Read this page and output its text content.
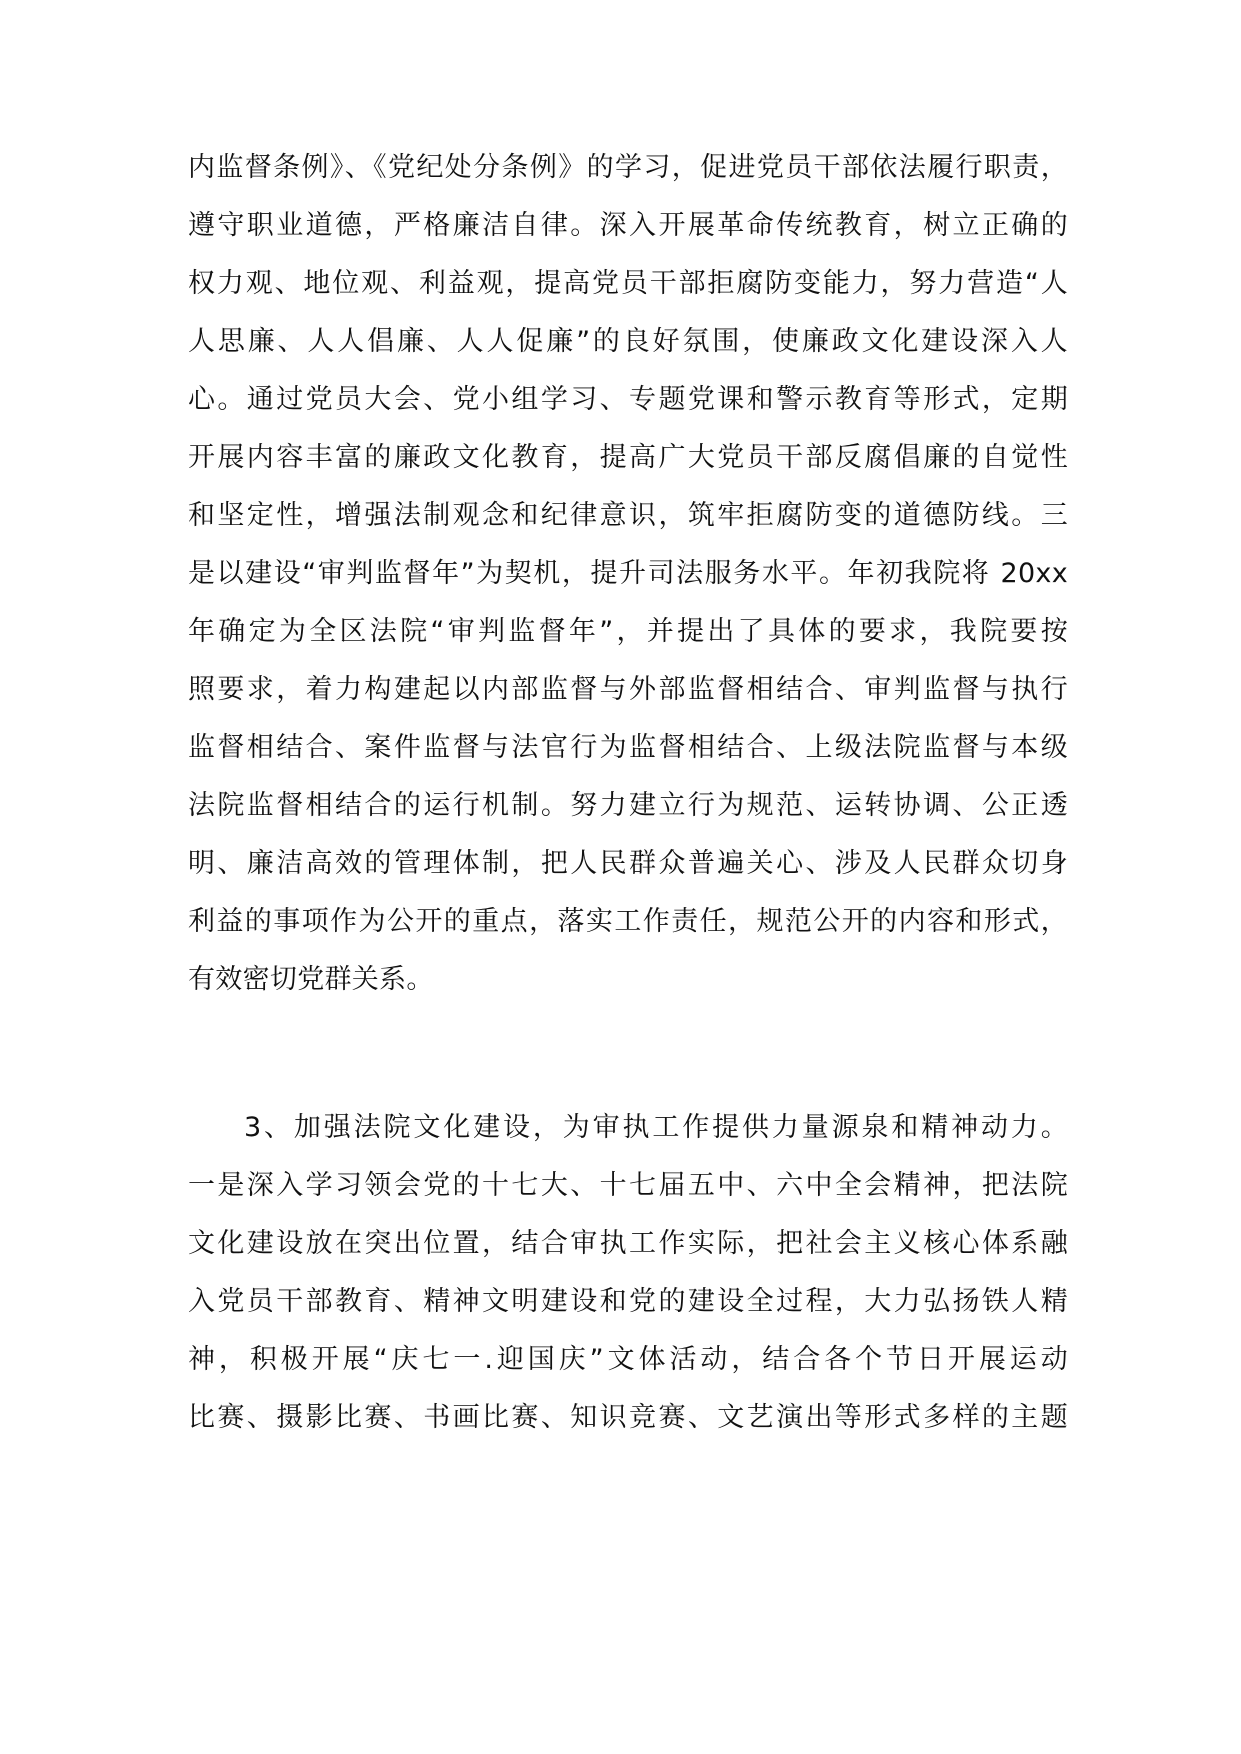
内监督条例》、《党纪处分条例》的学习，促进党员干部依法履行职责，
遵守职业道德，严格廉洁自律。深入开展革命传统教育，树立正确的
权力观、地位观、利益观，提高党员干部拒腐防变能力，努力营造“人
人思廉、人人倡廉、人人促廉”的良好氛围，使廉政文化建设深入人
心。通过党员大会、党小组学习、专题党课和警示教育等形式，定期
开展内容丰富的廉政文化教育，提高广大党员干部反腐倡廉的自觉性
和坚定性，增强法制观念和纪律意识，筑牢拒腐防变的道德防线。三
是以建设“审判监督年”为契机，提升司法服务水平。年初我院将 20xx
年确定为全区法院“审判监督年”，并提出了具体的要求，我院要按
照要求，着力构建起以内部监督与外部监督相结合、审判监督与执行
监督相结合、案件监督与法官行为监督相结合、上级法院监督与本级
法院监督相结合的运行机制。努力建立行为规范、运转协调、公正透
明、廉洁高效的管理体制，把人民群众普遍关心、涉及人民群众切身
利益的事项作为公开的重点，落实工作责任，规范公开的内容和形式，
有效密切党群关系。
3、加强法院文化建设，为审执工作提供力量源泉和精神动力。
一是深入学习领会党的十七大、十七届五中、六中全会精神，把法院
文化建设放在突出位置，结合审执工作实际，把社会主义核心体系融
入党员干部教育、精神文明建设和党的建设全过程，大力弘扬铁人精
神，积极开展“庆七一.迎国庆”文体活动，结合各个节日开展运动
比赛、摄影比赛、书画比赛、知识竞赛、文艺演出等形式多样的主题
